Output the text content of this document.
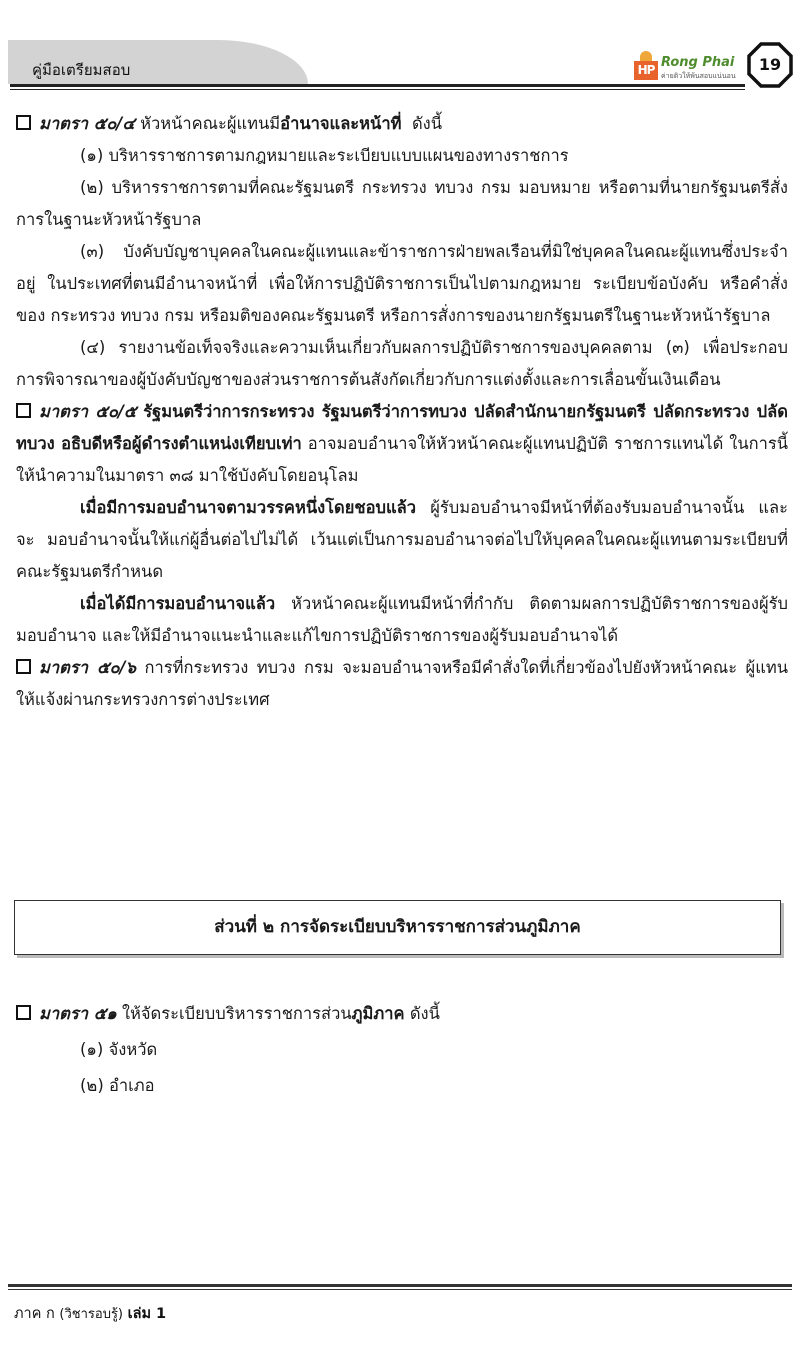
คู่มือเตรียมสอบ	HP Rong Phai
ค่ายติวให้พ้นสอบแน่นอน
19

มาตรา ๕๐/๔ หัวหน้าคณะผู้แทนมีอำนาจและหน้าที่ ดังนี้

(๑) บริหารราชการตามกฎหมายและระเบียบแบบแผนของทางราชการ

(๒) บริหารราชการตามที่คณะรัฐมนตรี กระทรวง ทบวง กรม มอบหมาย หรือตามที่นายกรัฐมนตรีสั่ง การในฐานะหัวหน้ารัฐบาล

(๓) บังคับบัญชาบุคคลในคณะผู้แทนและข้าราชการฝ่ายพลเรือนที่มิใช่บุคคลในคณะผู้แทนซึ่งประจำอยู่ ในประเทศที่ตนมีอำนาจหน้าที่ เพื่อให้การปฏิบัติราชการเป็นไปตามกฎหมาย ระเบียบข้อบังคับ หรือคำสั่งของ กระทรวง ทบวง กรม หรือมติของคณะรัฐมนตรี หรือการสั่งการของนายกรัฐมนตรีในฐานะหัวหน้ารัฐบาล

(๔) รายงานข้อเท็จจริงและความเห็นเกี่ยวกับผลการปฏิบัติราชการของบุคคลตาม (๓) เพื่อประกอบการพิจารณาของผู้บังคับบัญชาของส่วนราชการต้นสังกัดเกี่ยวกับการแต่งตั้งและการเลื่อนขั้นเงินเดือน

มาตรา ๕๐/๕ รัฐมนตรีว่าการกระทรวง รัฐมนตรีว่าการทบวง ปลัดสำนักนายกรัฐมนตรี ปลัดกระทรวง ปลัดทบวง อธิบดีหรือผู้ดำรงตำแหน่งเทียบเท่า อาจมอบอำนาจให้หัวหน้าคณะผู้แทนปฏิบัติ ราชการแทนได้ ในการนี้ให้นำความในมาตรา ๓๘ มาใช้บังคับโดยอนุโลม

เมื่อมีการมอบอำนาจตามวรรคหนึ่งโดยชอบแล้ว ผู้รับมอบอำนาจมีหน้าที่ต้องรับมอบอำนาจนั้น และจะ มอบอำนาจนั้นให้แก่ผู้อื่นต่อไปไม่ได้ เว้นแต่เป็นการมอบอำนาจต่อไปให้บุคคลในคณะผู้แทนตามระเบียบที่ คณะรัฐมนตรีกำหนด

เมื่อได้มีการมอบอำนาจแล้ว หัวหน้าคณะผู้แทนมีหน้าที่กำกับ ติดตามผลการปฏิบัติราชการของผู้รับ มอบอำนาจ และให้มีอำนาจแนะนำและแก้ไขการปฏิบัติราชการของผู้รับมอบอำนาจได้

มาตรา ๕๐/๖ การที่กระทรวง ทบวง กรม จะมอบอำนาจหรือมีคำสั่งใดที่เกี่ยวข้องไปยังหัวหน้าคณะ ผู้แทน ให้แจ้งผ่านกระทรวงการต่างประเทศ

ส่วนที่ ๒ การจัดระเบียบบริหารราชการส่วนภูมิภาค

มาตรา ๕๑ ให้จัดระเบียบบริหารราชการส่วนภูมิภาค ดังนี้

(๑) จังหวัด

(๒) อำเภอ

ภาค ก (วิชารอบรู้) เล่ม 1
